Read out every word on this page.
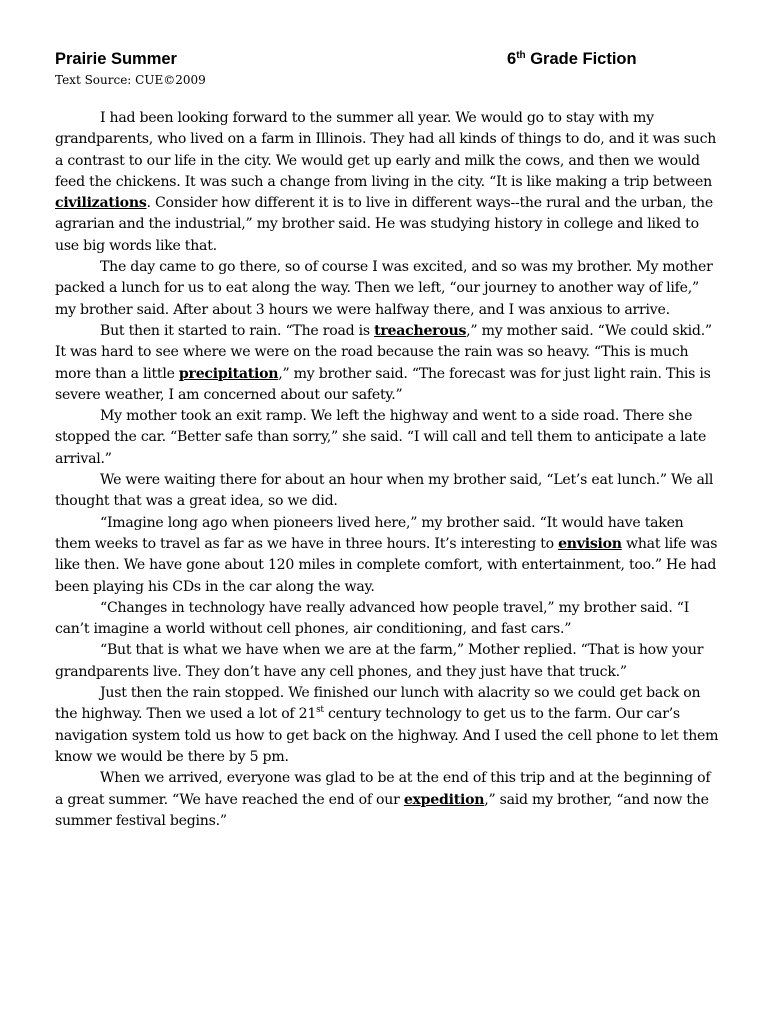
Prairie Summer	6th Grade Fiction
Text Source: CUE©2009

I had been looking forward to the summer all year. We would go to stay with my grandparents, who lived on a farm in Illinois. They had all kinds of things to do, and it was such a contrast to our life in the city. We would get up early and milk the cows, and then we would feed the chickens. It was such a change from living in the city. “It is like making a trip between civilizations. Consider how different it is to live in different ways--the rural and the urban, the agrarian and the industrial,” my brother said. He was studying history in college and liked to use big words like that.

The day came to go there, so of course I was excited, and so was my brother. My mother packed a lunch for us to eat along the way. Then we left, “our journey to another way of life,” my brother said. After about 3 hours we were halfway there, and I was anxious to arrive.

But then it started to rain. “The road is treacherous,” my mother said. “We could skid.” It was hard to see where we were on the road because the rain was so heavy. “This is much more than a little precipitation,” my brother said. “The forecast was for just light rain. This is severe weather, I am concerned about our safety.”

My mother took an exit ramp. We left the highway and went to a side road. There she stopped the car. “Better safe than sorry,” she said. “I will call and tell them to anticipate a late arrival.”

We were waiting there for about an hour when my brother said, “Let’s eat lunch.” We all thought that was a great idea, so we did.

“Imagine long ago when pioneers lived here,” my brother said. “It would have taken them weeks to travel as far as we have in three hours. It’s interesting to envision what life was like then. We have gone about 120 miles in complete comfort, with entertainment, too.” He had been playing his CDs in the car along the way.

“Changes in technology have really advanced how people travel,” my brother said. “I can’t imagine a world without cell phones, air conditioning, and fast cars.”

“But that is what we have when we are at the farm,” Mother replied. “That is how your grandparents live. They don’t have any cell phones, and they just have that truck.”

Just then the rain stopped. We finished our lunch with alacrity so we could get back on the highway. Then we used a lot of 21st century technology to get us to the farm. Our car’s navigation system told us how to get back on the highway. And I used the cell phone to let them know we would be there by 5 pm.

When we arrived, everyone was glad to be at the end of this trip and at the beginning of a great summer. “We have reached the end of our expedition,” said my brother, “and now the summer festival begins.”
